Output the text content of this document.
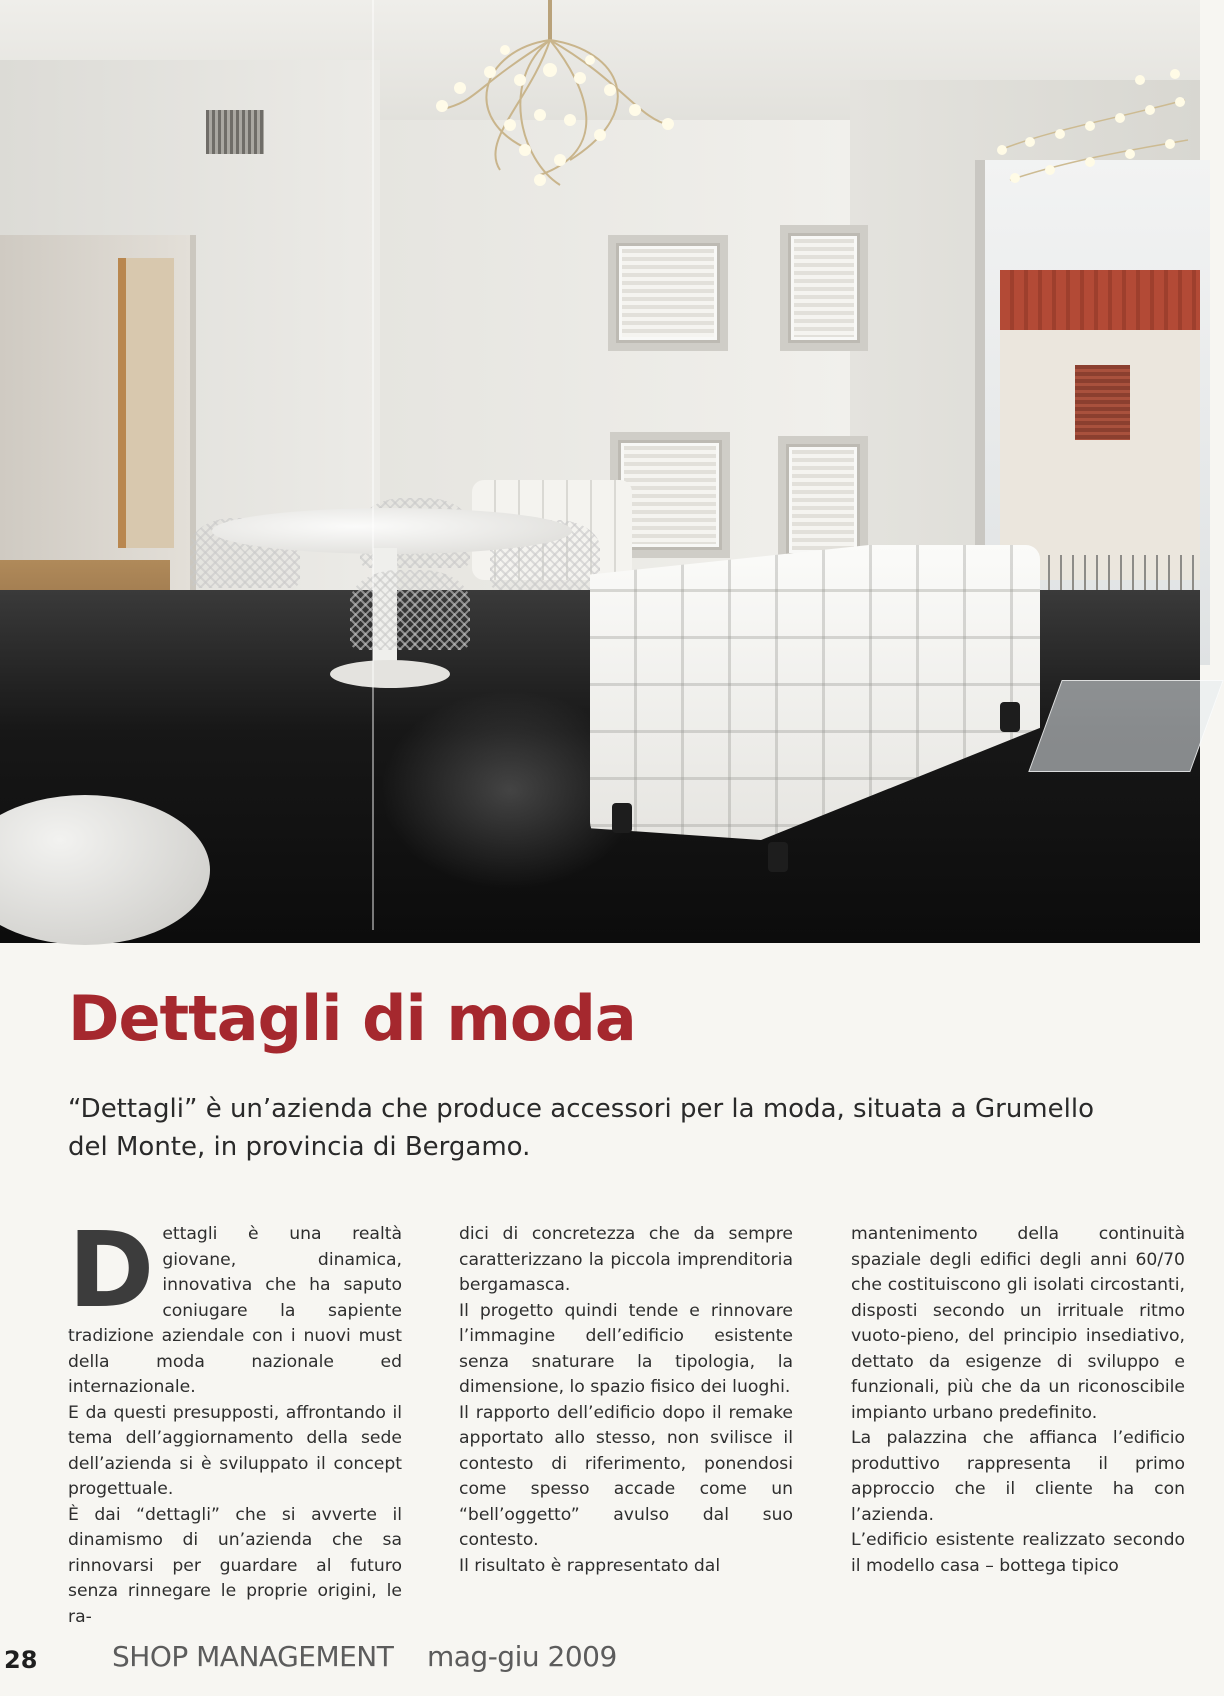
Dettagli di moda

“Dettagli” è un’azienda che produce accessori per la moda, situata a Grumello del Monte, in provincia di Bergamo.

Dettagli è una realtà giovane, dinamica, innovativa che ha saputo coniugare la sapiente tradizione aziendale con i nuovi must della moda nazionale ed internazionale.

E da questi presupposti, affrontando il tema dell’aggiornamento della sede dell’azienda si è sviluppato il concept progettuale.

È dai “dettagli” che si avverte il dinamismo di un’azienda che sa rinnovarsi per guardare al futuro senza rinnegare le proprie origini, le ra-

dici di concretezza che da sempre caratterizzano la piccola imprenditoria bergamasca.

Il progetto quindi tende e rinnovare l’immagine dell’edificio esistente senza snaturare la tipologia, la dimensione, lo spazio fisico dei luoghi.

Il rapporto dell’edificio dopo il remake apportato allo stesso, non svilisce il contesto di riferimento, ponendosi come spesso accade come un “bell’oggetto” avulso dal suo contesto.

Il risultato è rappresentato dal

mantenimento della continuità spaziale degli edifici degli anni 60/70 che costituiscono gli isolati circostanti, disposti secondo un irrituale ritmo vuoto-pieno, del principio insediativo, dettato da esigenze di sviluppo e funzionali, più che da un riconoscibile impianto urbano predefinito.

La palazzina che affianca l’edificio produttivo rappresenta il primo approccio che il cliente ha con l’azienda.

L’edificio esistente realizzato secondo il modello casa – bottega tipico

28	SHOP MANAGEMENT mag-giu 2009
